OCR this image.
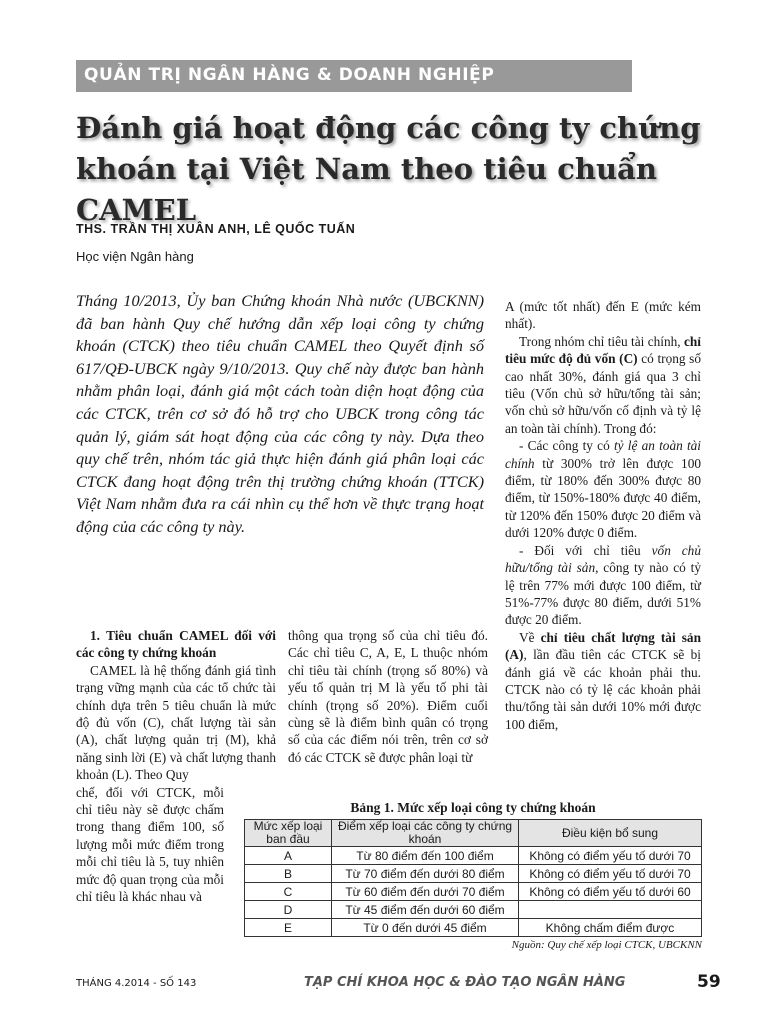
QUẢN TRỊ NGÂN HÀNG & DOANH NGHIỆP
Đánh giá hoạt động các công ty chứng
khoán tại Việt Nam theo tiêu chuẩn CAMEL
THS. TRẦN THỊ XUÂN ANH, LÊ QUỐC TUẤN
Học viện Ngân hàng

Tháng 10/2013, Ủy ban Chứng khoán Nhà nước (UBCKNN) đã ban hành Quy chế hướng dẫn xếp loại công ty chứng khoán (CTCK) theo tiêu chuẩn CAMEL theo Quyết định số 617/QĐ-UBCK ngày 9/10/2013. Quy chế này được ban hành nhằm phân loại, đánh giá một cách toàn diện hoạt động của các CTCK, trên cơ sở đó hỗ trợ cho UBCK trong công tác quản lý, giám sát hoạt động của các công ty này. Dựa theo quy chế trên, nhóm tác giả thực hiện đánh giá phân loại các CTCK đang hoạt động trên thị trường chứng khoán (TTCK) Việt Nam nhằm đưa ra cái nhìn cụ thể hơn về thực trạng hoạt động của các công ty này.

A (mức tốt nhất) đến E (mức kém nhất).

Trong nhóm chỉ tiêu tài chính, chỉ tiêu mức độ đủ vốn (C) có trọng số cao nhất 30%, đánh giá qua 3 chỉ tiêu (Vốn chủ sở hữu/tổng tài sản; vốn chủ sở hữu/vốn cố định và tỷ lệ an toàn tài chính). Trong đó:

- Các công ty có tỷ lệ an toàn tài chính từ 300% trở lên được 100 điểm, từ 180% đến 300% được 80 điểm, từ 150%-180% được 40 điểm, từ 120% đến 150% được 20 điểm và dưới 120% được 0 điểm.

- Đối với chỉ tiêu vốn chủ hữu/tổng tài sản, công ty nào có tỷ lệ trên 77% mới được 100 điểm, từ 51%-77% được 80 điểm, dưới 51% được 20 điểm.

Về chỉ tiêu chất lượng tài sản (A), lần đầu tiên các CTCK sẽ bị đánh giá về các khoản phải thu. CTCK nào có tỷ lệ các khoản phải thu/tổng tài sản dưới 10% mới được 100 điểm,

1. Tiêu chuẩn CAMEL đối với các công ty chứng khoán

CAMEL là hệ thống đánh giá tình trạng vững mạnh của các tổ chức tài chính dựa trên 5 tiêu chuẩn là mức độ đủ vốn (C), chất lượng tài sản (A), chất lượng quản trị (M), khả năng sinh lời (E) và chất lượng thanh khoản (L). Theo Quy

chế, đối với CTCK, mỗi chỉ tiêu này sẽ được chấm trong thang điểm 100, số lượng mỗi mức điểm trong mỗi chỉ tiêu là 5, tuy nhiên mức độ quan trọng của mỗi chỉ tiêu là khác nhau và

thông qua trọng số của chỉ tiêu đó. Các chỉ tiêu C, A, E, L thuộc nhóm chỉ tiêu tài chính (trọng số 80%) và yếu tố quản trị M là yếu tố phi tài chính (trọng số 20%). Điểm cuối cùng sẽ là điểm bình quân có trọng số của các điểm nói trên, trên cơ sở đó các CTCK sẽ được phân loại từ

Bảng 1. Mức xếp loại công ty chứng khoán
Mức xếp loại ban đầu	Điểm xếp loại các công ty chứng khoán	Điều kiện bổ sung
A	Từ 80 điểm đến 100 điểm	Không có điểm yếu tố dưới 70
B	Từ 70 điểm đến dưới 80 điểm	Không có điểm yếu tố dưới 70
C	Từ 60 điểm đến dưới 70 điểm	Không có điểm yếu tố dưới 60
D	Từ 45 điểm đến dưới 60 điểm	
E	Từ 0 đến dưới 45 điểm	Không chấm điểm được
Nguồn: Quy chế xếp loại CTCK, UBCKNN
THÁNG 4.2014 - SỐ 143	TẠP CHÍ KHOA HỌC & ĐÀO TẠO NGÂN HÀNG	59
